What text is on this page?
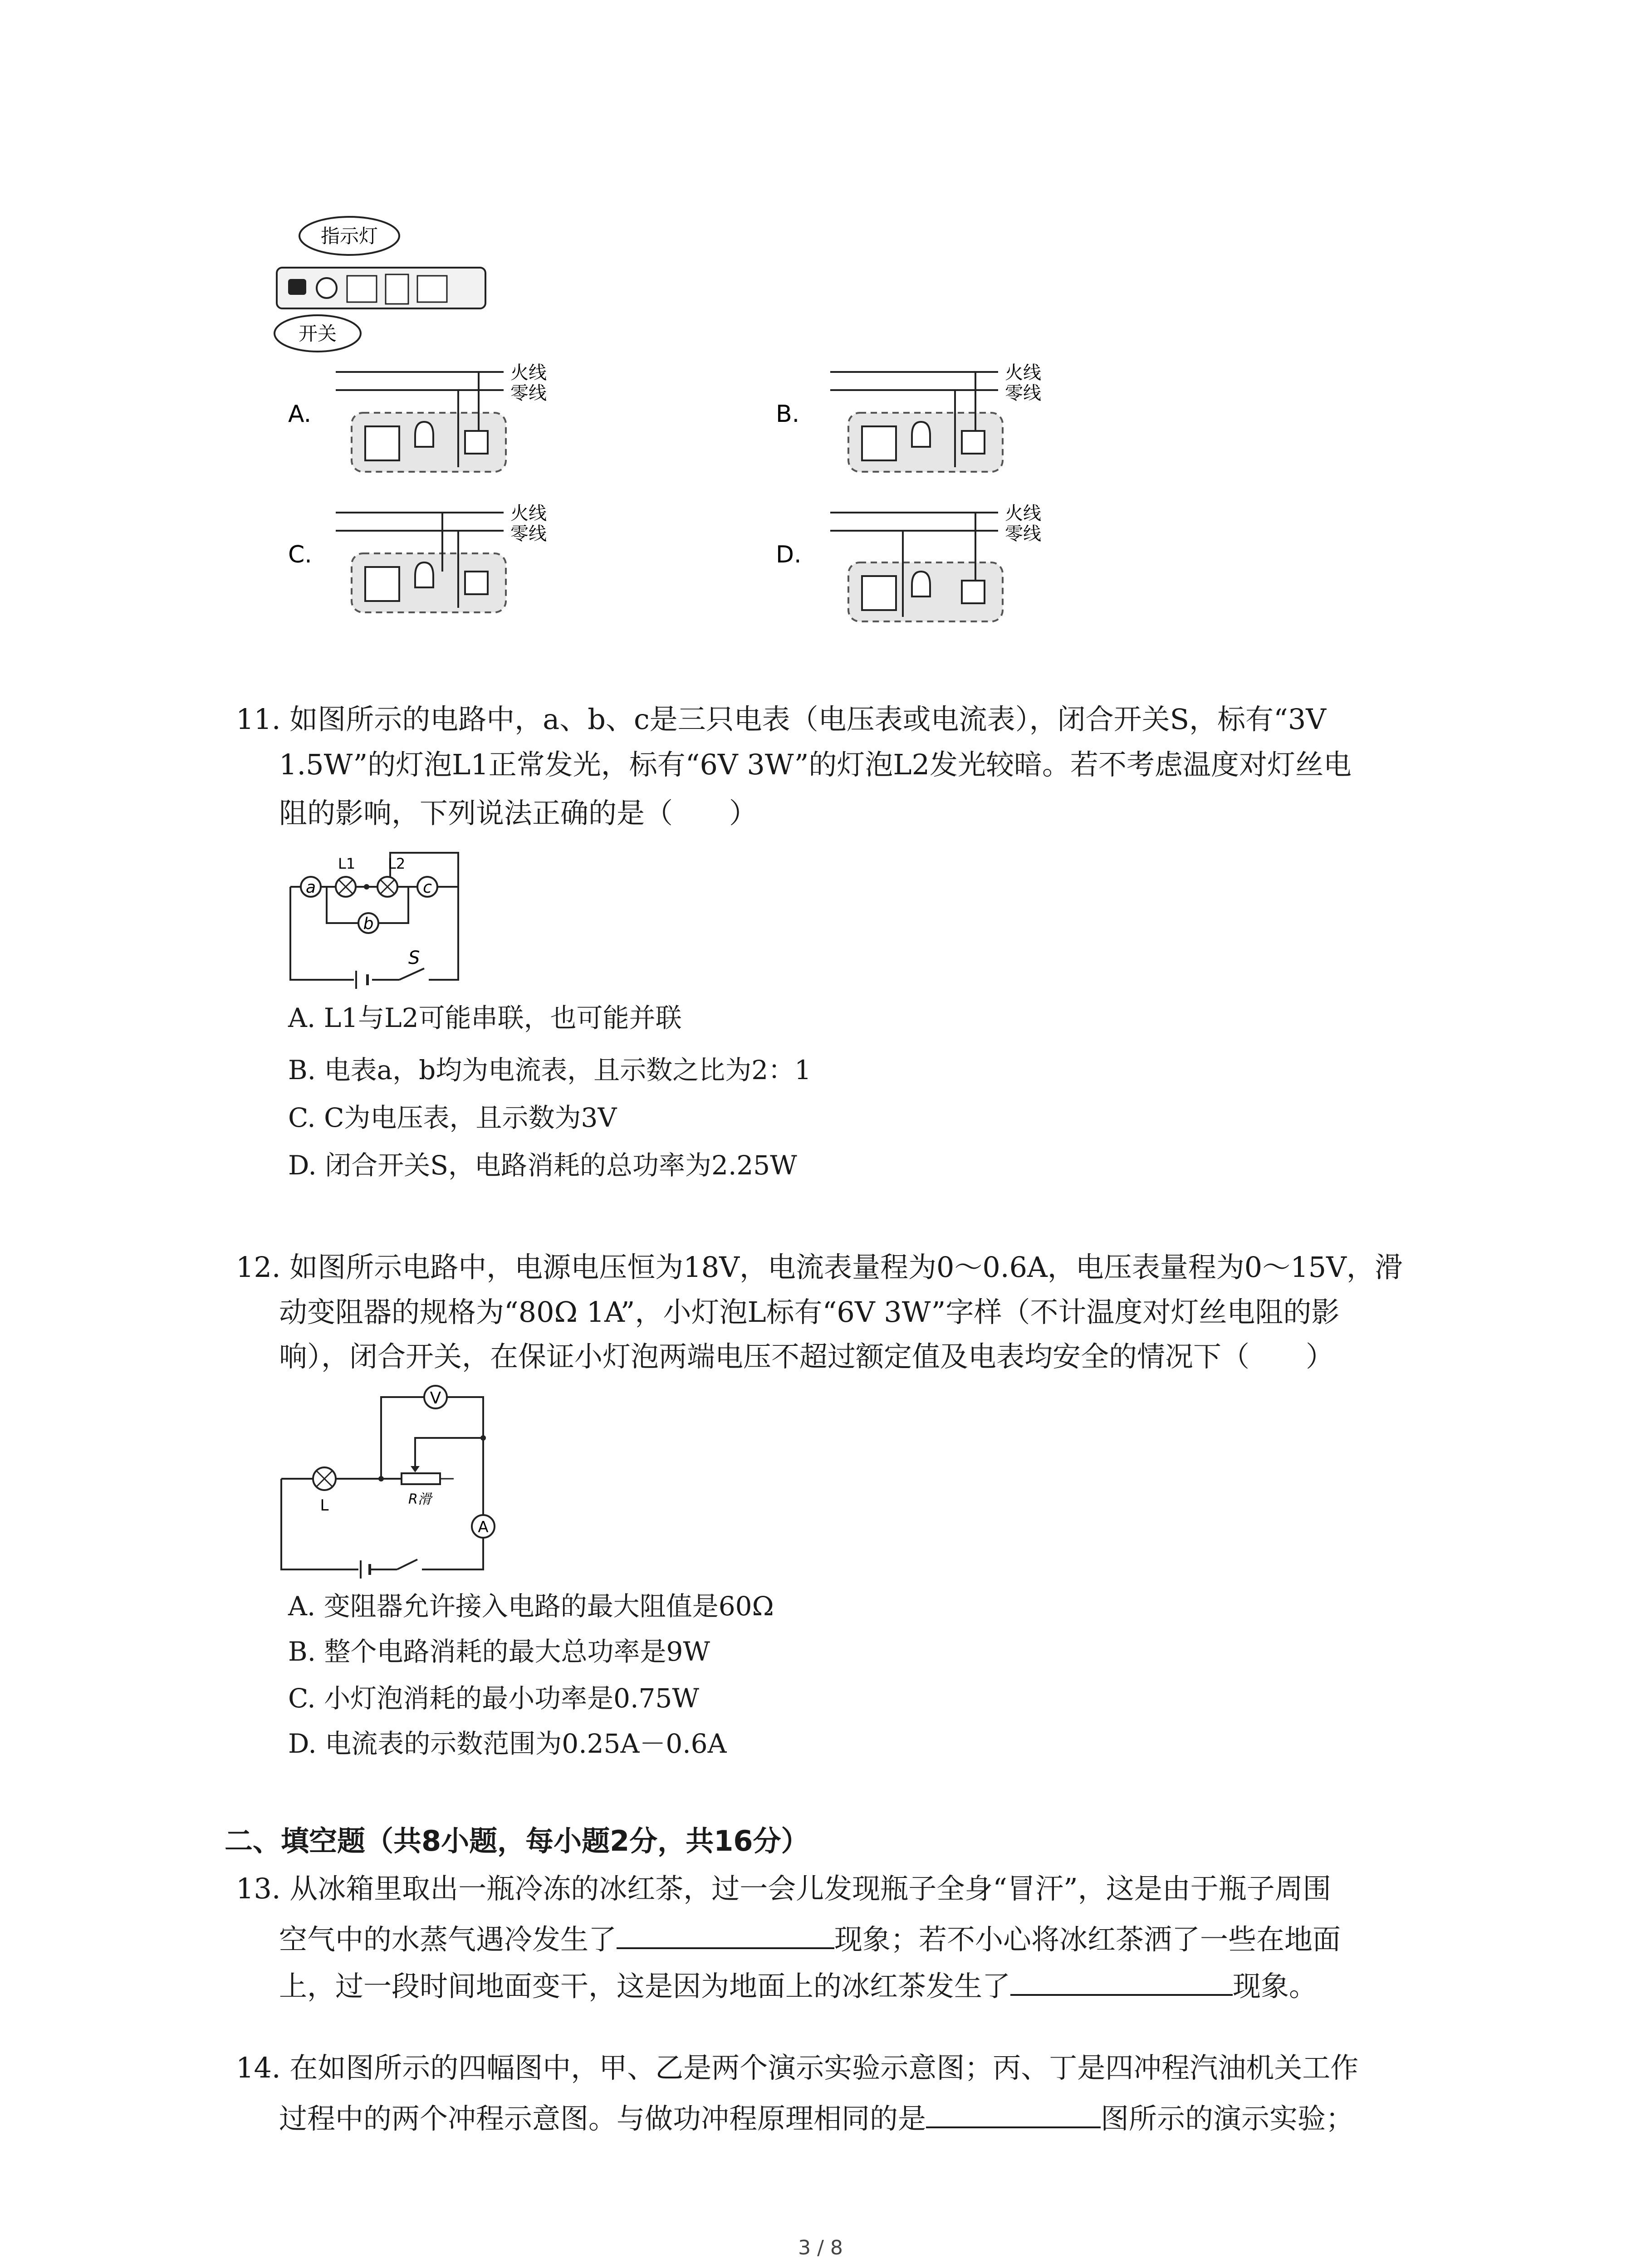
指示灯
开关
A.
火线
零线
B.
火线
零线
C.
火线
零线
D.
火线
零线
11. 如图所示的电路中，a、b、c是三只电表（电压表或电流表），闭合开关S，标有“3V
1.5W”的灯泡L1正常发光，标有“6V 3W”的灯泡L2发光较暗。若不考虑温度对灯丝电
阻的影响，下列说法正确的是（　　）
S
a
L1 L2
c
b
A. L1与L2可能串联，也可能并联
B. 电表a，b均为电流表，且示数之比为2：1
C. C为电压表，且示数为3V
D. 闭合开关S，电路消耗的总功率为2.25W
12. 如图所示电路中，电源电压恒为18V，电流表量程为0～0.6A，电压表量程为0～15V，滑
动变阻器的规格为“80Ω 1A”，小灯泡L标有“6V 3W”字样（不计温度对灯丝电阻的影
响），闭合开关，在保证小灯泡两端电压不超过额定值及电表均安全的情况下（　　）
V
L	R滑
A
A. 变阻器允许接入电路的最大阻值是60Ω
B. 整个电路消耗的最大总功率是9W
C. 小灯泡消耗的最小功率是0.75W
D. 电流表的示数范围为0.25A－0.6A
二、填空题（共8小题，每小题2分，共16分）
13. 从冰箱里取出一瓶冷冻的冰红茶，过一会儿发现瓶子全身“冒汗”，这是由于瓶子周围
空气中的水蒸气遇冷发生了	现象；若不小心将冰红茶洒了一些在地面
上，过一段时间地面变干，这是因为地面上的冰红茶发生了	现象。
14. 在如图所示的四幅图中，甲、乙是两个演示实验示意图；丙、丁是四冲程汽油机关工作
过程中的两个冲程示意图。与做功冲程原理相同的是	图所示的演示实验；
3 / 8
